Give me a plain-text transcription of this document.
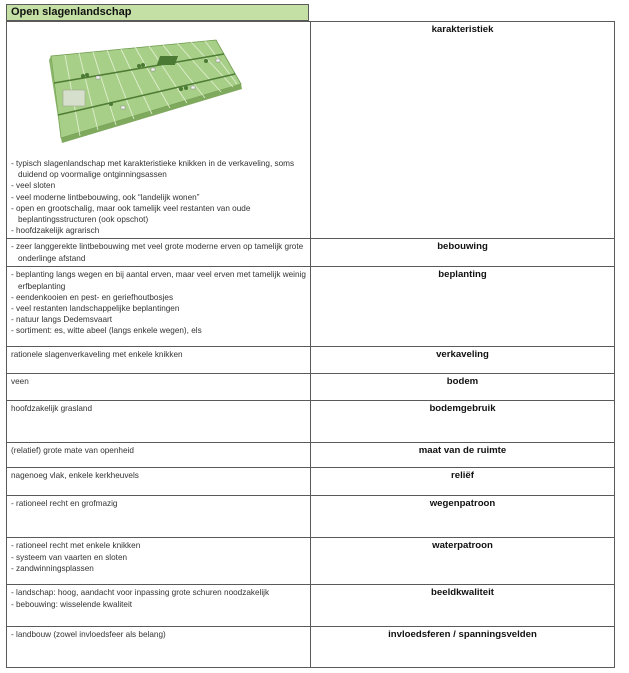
Open slagenlandschap
- typisch slagenlandschap met karakteristieke knikken in de verkaveling, soms duidend op voormalige ontginningsassen
- veel sloten
- veel moderne lintbebouwing, ook “landelijk wonen”
- open en grootschalig, maar ook tamelijk veel restanten van oude beplantingsstructuren (ook opschot)
- hoofdzakelijk agrarisch	karakteristiek

- zeer langgerekte lintbebouwing met veel grote moderne erven op tamelijk grote onderlinge afstand	bebouwing

- beplanting langs wegen en bij aantal erven, maar veel erven met tamelijk weinig erfbeplanting
- eendenkooien en pest- en geriefhoutbosjes
- veel restanten landschappelijke beplantingen
- natuur langs Dedemsvaart
- sortiment: es, witte abeel (langs enkele wegen), els	beplanting

rationele slagenverkaveling met enkele knikken	verkaveling

veen	bodem

hoofdzakelijk grasland	bodemgebruik

(relatief) grote mate van openheid	maat van de ruimte

nagenoeg vlak, enkele kerkheuvels	reliëf

- rationeel recht en grofmazig	wegenpatroon

- rationeel recht met enkele knikken
- systeem van vaarten en sloten
- zandwinningsplassen	waterpatroon

- landschap: hoog, aandacht voor inpassing grote schuren noodzakelijk
- bebouwing: wisselende kwaliteit	beeldkwaliteit

- landbouw (zowel invloedsfeer als belang)	invloedsferen / spanningsvelden
